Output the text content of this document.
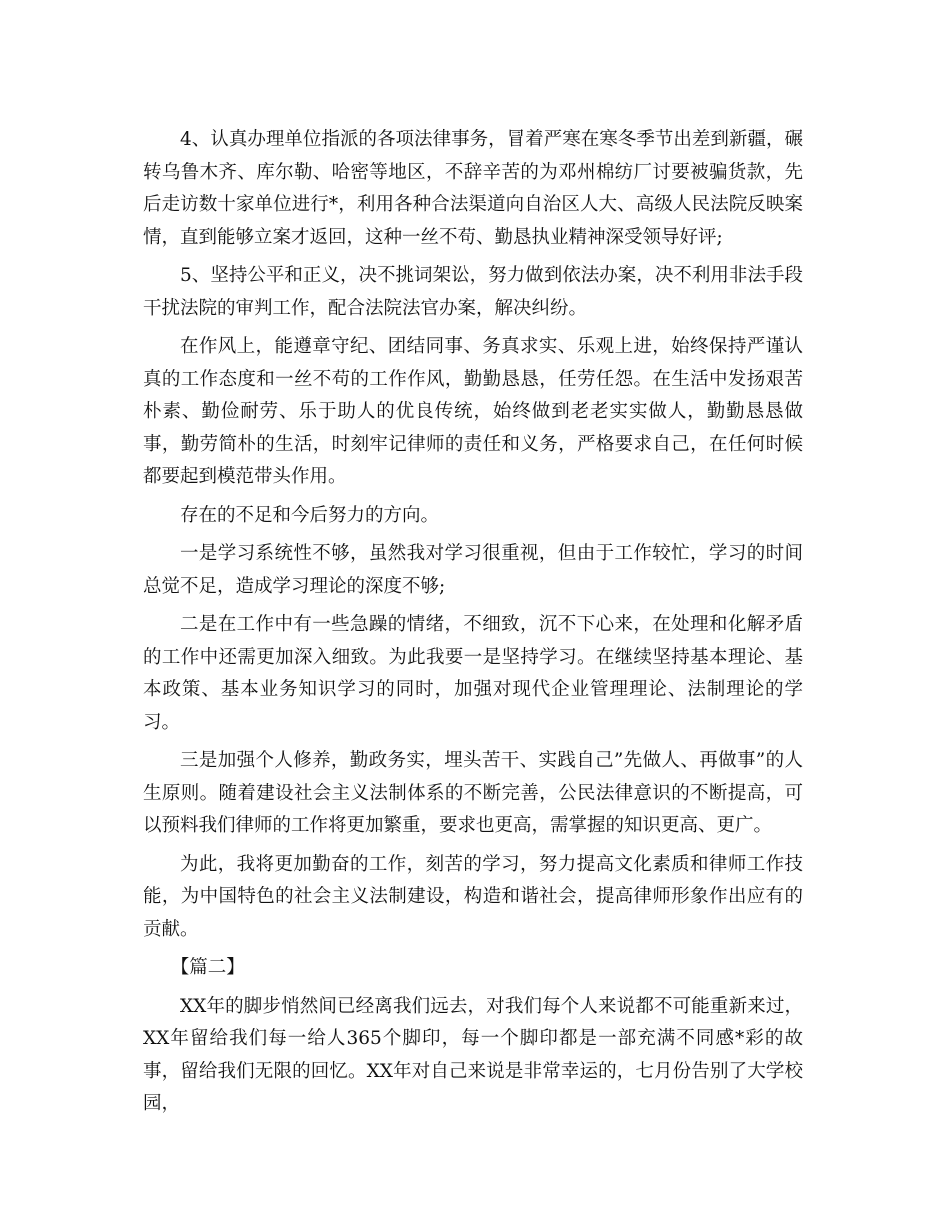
4、认真办理单位指派的各项法律事务，冒着严寒在寒冬季节出差到新疆，碾转乌鲁木齐、库尔勒、哈密等地区，不辞辛苦的为邓州棉纺厂讨要被骗货款，先后走访数十家单位进行*，利用各种合法渠道向自治区人大、高级人民法院反映案情，直到能够立案才返回，这种一丝不苟、勤恳执业精神深受领导好评;

5、坚持公平和正义，决不挑词架讼，努力做到依法办案，决不利用非法手段干扰法院的审判工作，配合法院法官办案，解决纠纷。

在作风上，能遵章守纪、团结同事、务真求实、乐观上进，始终保持严谨认真的工作态度和一丝不苟的工作作风，勤勤恳恳，任劳任怨。在生活中发扬艰苦朴素、勤俭耐劳、乐于助人的优良传统，始终做到老老实实做人，勤勤恳恳做事，勤劳简朴的生活，时刻牢记律师的责任和义务，严格要求自己，在任何时候都要起到模范带头作用。

存在的不足和今后努力的方向。

一是学习系统性不够，虽然我对学习很重视，但由于工作较忙，学习的时间总觉不足，造成学习理论的深度不够;

二是在工作中有一些急躁的情绪，不细致，沉不下心来，在处理和化解矛盾的工作中还需更加深入细致。为此我要一是坚持学习。在继续坚持基本理论、基本政策、基本业务知识学习的同时，加强对现代企业管理理论、法制理论的学习。

三是加强个人修养，勤政务实，埋头苦干、实践自己”先做人、再做事”的人生原则。随着建设社会主义法制体系的不断完善，公民法律意识的不断提高，可以预料我们律师的工作将更加繁重，要求也更高，需掌握的知识更高、更广。

为此，我将更加勤奋的工作，刻苦的学习，努力提高文化素质和律师工作技能，为中国特色的社会主义法制建设，构造和谐社会，提高律师形象作出应有的贡献。

【篇二】

XX年的脚步悄然间已经离我们远去，对我们每个人来说都不可能重新来过，XX年留给我们每一给人365个脚印，每一个脚印都是一部充满不同感*彩的故事，留给我们无限的回忆。XX年对自己来说是非常幸运的，七月份告别了大学校园，
